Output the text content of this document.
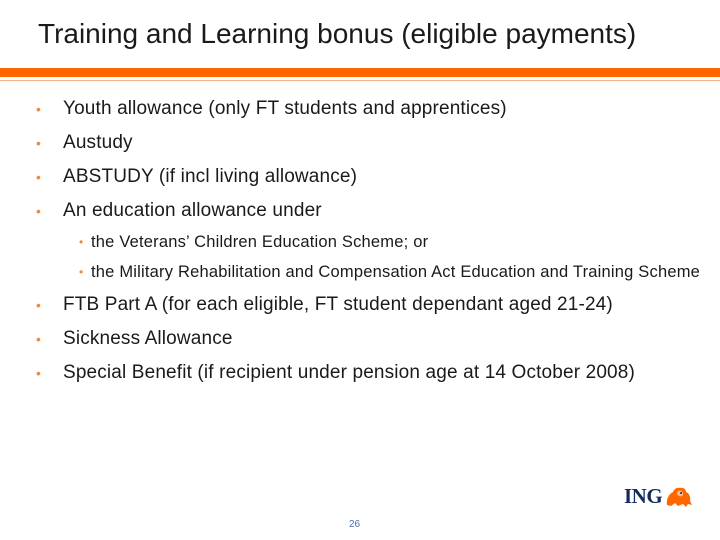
Training and Learning bonus (eligible payments)

• Youth allowance (only FT students and apprentices)

• Austudy

• ABSTUDY (if incl living allowance)

• An education allowance under

• the Veterans’ Children Education Scheme; or

• the Military Rehabilitation and Compensation Act Education and Training Scheme

• FTB Part A (for each eligible, FT student dependant aged 21-24)

• Sickness Allowance

• Special Benefit (if recipient under pension age at 14 October 2008)

ING
26
